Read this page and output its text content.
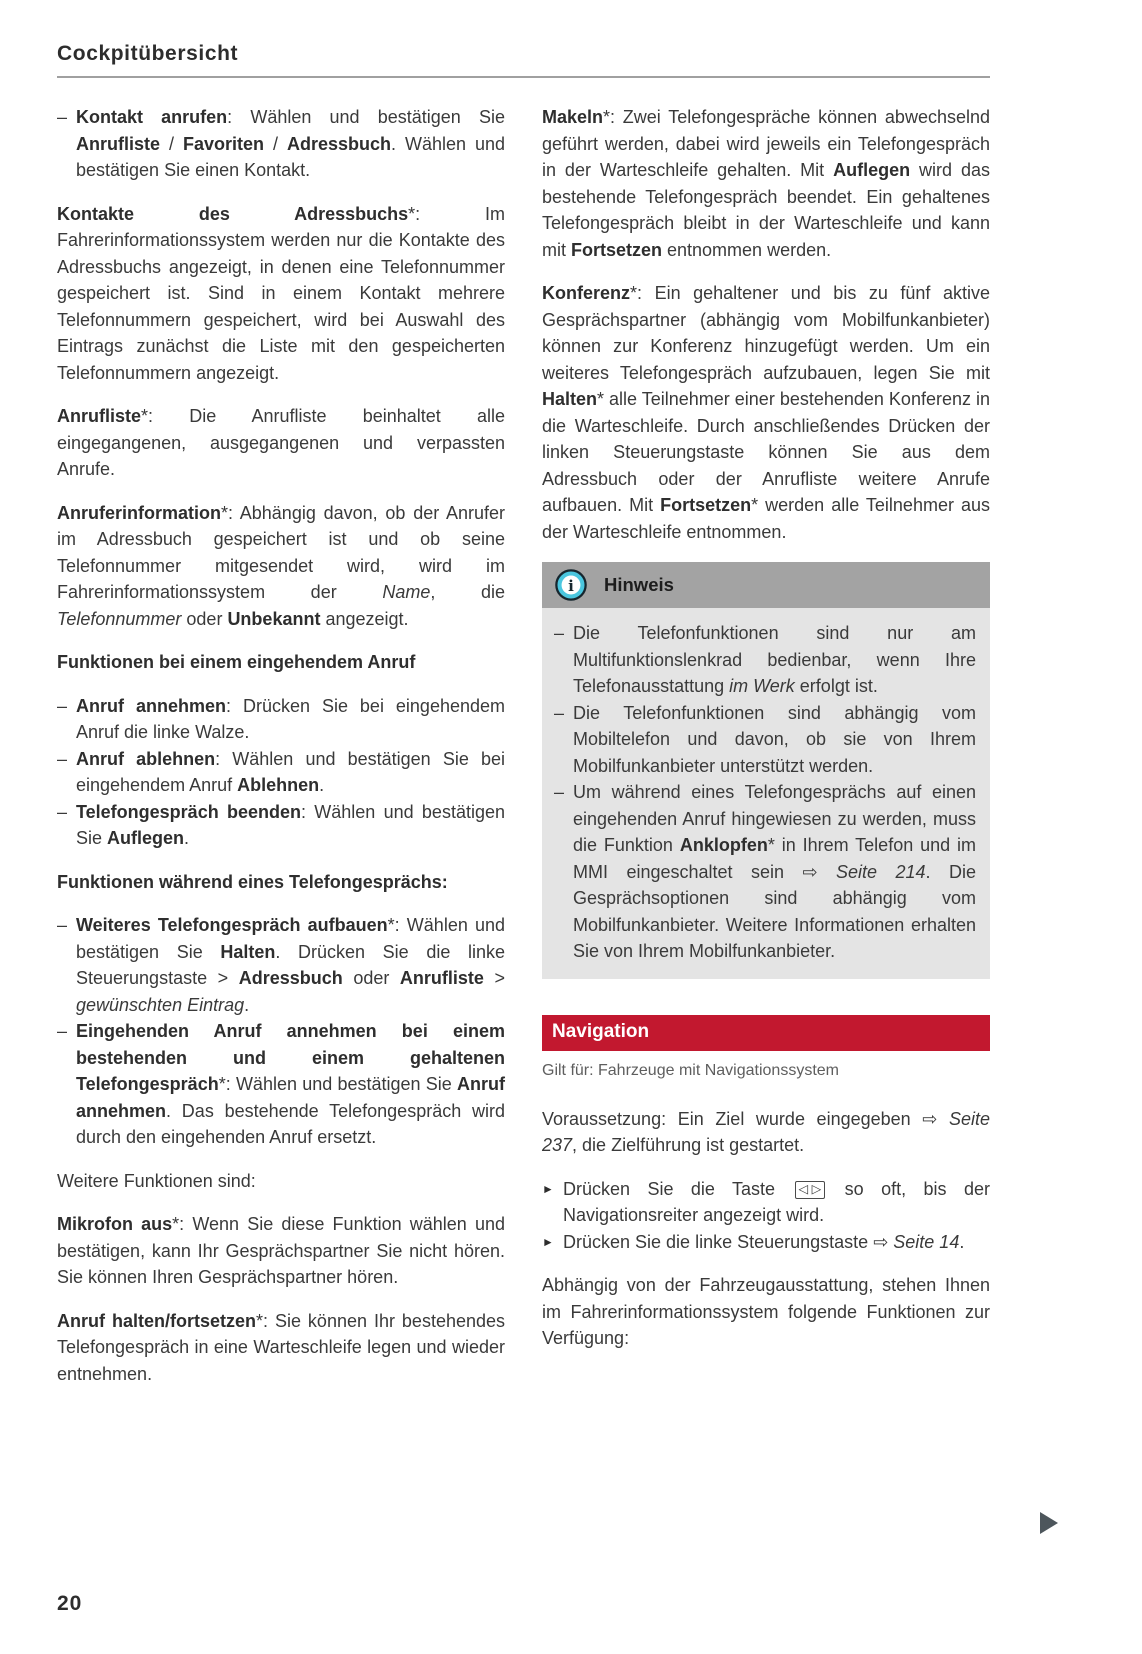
Cockpitübersicht
– Kontakt anrufen: Wählen und bestätigen Sie Anrufliste / Favoriten / Adressbuch. Wählen und bestätigen Sie einen Kontakt.

Kontakte des Adressbuchs*: Im Fahrerinformationssystem werden nur die Kontakte des Adressbuchs angezeigt, in denen eine Telefonnummer gespeichert ist. Sind in einem Kontakt mehrere Telefonnummern gespeichert, wird bei Auswahl des Eintrags zunächst die Liste mit den gespeicherten Telefonnummern angezeigt.

Anrufliste*: Die Anrufliste beinhaltet alle eingegangenen, ausgegangenen und verpassten Anrufe.

Anruferinformation*: Abhängig davon, ob der Anrufer im Adressbuch gespeichert ist und ob seine Telefonnummer mitgesendet wird, wird im Fahrerinformationssystem der Name, die Telefonnummer oder Unbekannt angezeigt.

Funktionen bei einem eingehendem Anruf

– Anruf annehmen: Drücken Sie bei eingehendem Anruf die linke Walze.
– Anruf ablehnen: Wählen und bestätigen Sie bei eingehendem Anruf Ablehnen.
– Telefongespräch beenden: Wählen und bestätigen Sie Auflegen.

Funktionen während eines Telefongesprächs:

– Weiteres Telefongespräch aufbauen*: Wählen und bestätigen Sie Halten. Drücken Sie die linke Steuerungstaste > Adressbuch oder Anrufliste > gewünschten Eintrag.
– Eingehenden Anruf annehmen bei einem bestehenden und einem gehaltenen Telefongespräch*: Wählen und bestätigen Sie Anruf annehmen. Das bestehende Telefongespräch wird durch den eingehenden Anruf ersetzt.

Weitere Funktionen sind:

Mikrofon aus*: Wenn Sie diese Funktion wählen und bestätigen, kann Ihr Gesprächspartner Sie nicht hören. Sie können Ihren Gesprächspartner hören.

Anruf halten/fortsetzen*: Sie können Ihr bestehendes Telefongespräch in eine Warteschleife legen und wieder entnehmen.

Makeln*: Zwei Telefongespräche können abwechselnd geführt werden, dabei wird jeweils ein Telefongespräch in der Warteschleife gehalten. Mit Auflegen wird das bestehende Telefongespräch beendet. Ein gehaltenes Telefongespräch bleibt in der Warteschleife und kann mit Fortsetzen entnommen werden.

Konferenz*: Ein gehaltener und bis zu fünf aktive Gesprächspartner (abhängig vom Mobilfunkanbieter) können zur Konferenz hinzugefügt werden. Um ein weiteres Telefongespräch aufzubauen, legen Sie mit Halten* alle Teilnehmer einer bestehenden Konferenz in die Warteschleife. Durch anschließendes Drücken der linken Steuerungstaste können Sie aus dem Adressbuch oder der Anrufliste weitere Anrufe aufbauen. Mit Fortsetzen* werden alle Teilnehmer aus der Warteschleife entnommen.

i Hinweis
– Die Telefonfunktionen sind nur am Multifunktionslenkrad bedienbar, wenn Ihre Telefonausstattung im Werk erfolgt ist.
– Die Telefonfunktionen sind abhängig vom Mobiltelefon und davon, ob sie von Ihrem Mobilfunkanbieter unterstützt werden.
– Um während eines Telefongesprächs auf einen eingehenden Anruf hingewiesen zu werden, muss die Funktion Anklopfen* in Ihrem Telefon und im MMI eingeschaltet sein ⇨ Seite 214. Die Gesprächsoptionen sind abhängig vom Mobilfunkanbieter. Weitere Informationen erhalten Sie von Ihrem Mobilfunkanbieter.
Navigation
Gilt für: Fahrzeuge mit Navigationssystem

Voraussetzung: Ein Ziel wurde eingegeben ⇨ Seite 237, die Zielführung ist gestartet.

► Drücken Sie die Taste ◁ ▷ so oft, bis der Navigationsreiter angezeigt wird.
► Drücken Sie die linke Steuerungstaste ⇨ Seite 14.

Abhängig von der Fahrzeugausstattung, stehen Ihnen im Fahrerinformationssystem folgende Funktionen zur Verfügung:

20
